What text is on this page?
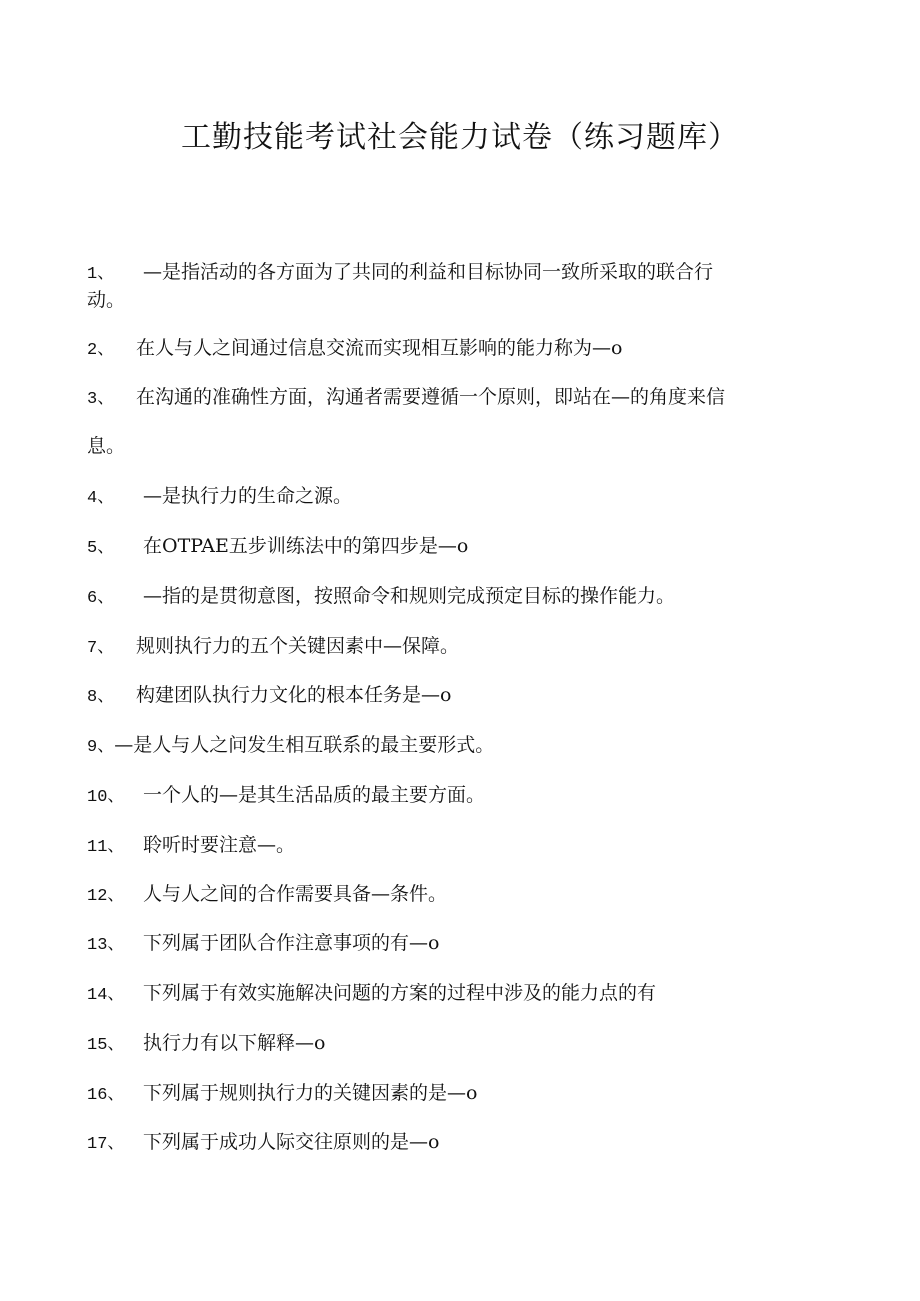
工勤技能考试社会能力试卷（练习题库）
1、 —是指活动的各方面为了共同的利益和目标协同一致所采取的联合行
动。
2、 在人与人之间通过信息交流而实现相互影响的能力称为—o
3、 在沟通的准确性方面，沟通者需要遵循一个原则，即站在—的角度来信
息。
4、 —是执行力的生命之源。
5、 在OTPAE五步训练法中的第四步是—o
6、 —指的是贯彻意图，按照命令和规则完成预定目标的操作能力。
7、 规则执行力的五个关键因素中—保障。
8、 构建团队执行力文化的根本任务是—o
9、—是人与人之问发生相互联系的最主要形式。
10、 一个人的—是其生活品质的最主要方面。
11、 聆听时要注意—。
12、 人与人之间的合作需要具备—条件。
13、 下列属于团队合作注意事项的有—o
14、 下列属于有效实施解决问题的方案的过程中涉及的能力点的有
15、 执行力有以下解释—o
16、 下列属于规则执行力的关键因素的是—o
17、 下列属于成功人际交往原则的是—o
